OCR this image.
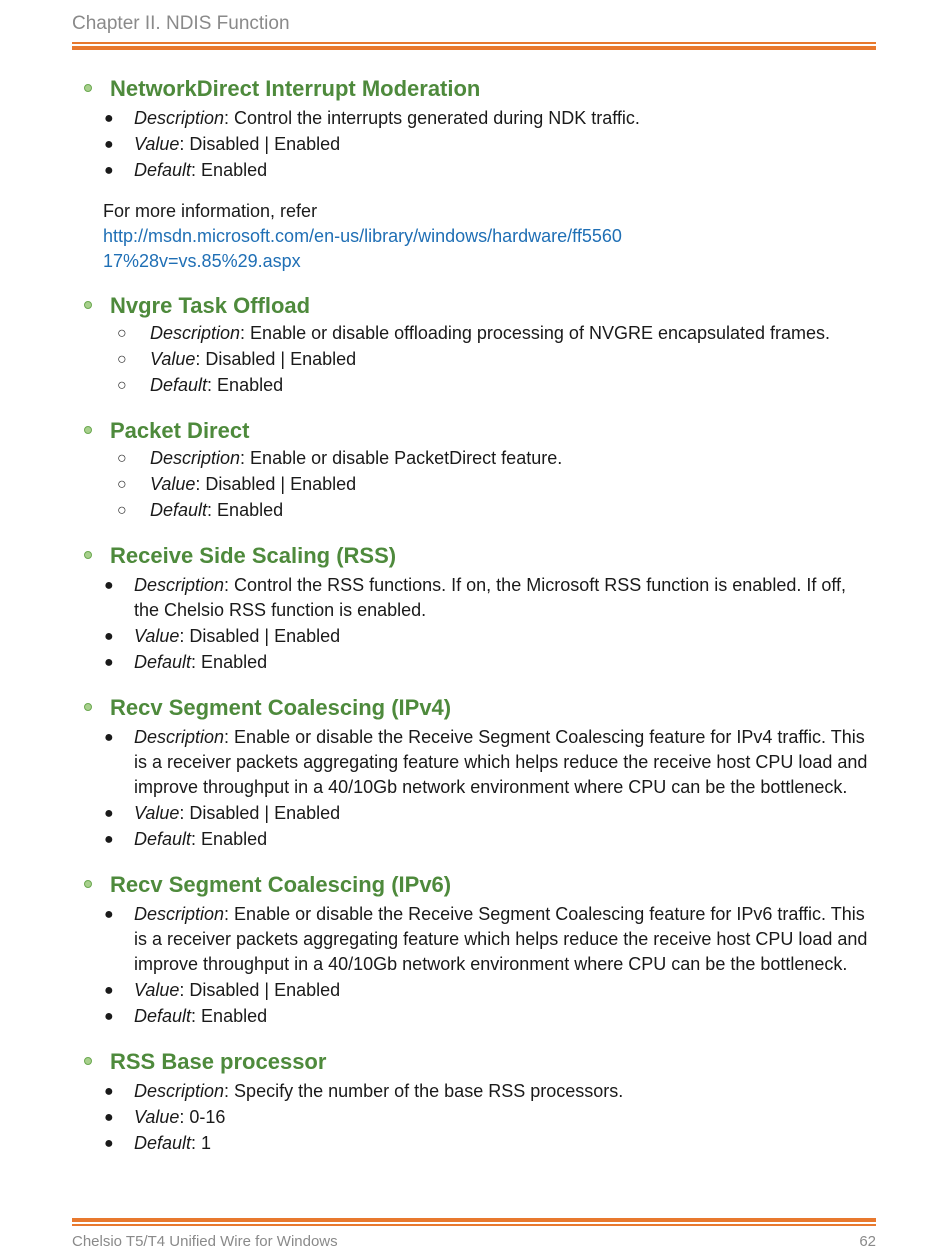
Chapter II. NDIS Function
NetworkDirect Interrupt Moderation
● Description: Control the interrupts generated during NDK traffic.
● Value: Disabled | Enabled
● Default: Enabled
For more information, refer
http://msdn.microsoft.com/en-us/library/windows/hardware/ff556017%28v=vs.85%29.aspx
Nvgre Task Offload
○ Description: Enable or disable offloading processing of NVGRE encapsulated frames.
○ Value: Disabled | Enabled
○ Default: Enabled
Packet Direct
○ Description: Enable or disable PacketDirect feature.
○ Value: Disabled | Enabled
○ Default: Enabled
Receive Side Scaling (RSS)
● Description: Control the RSS functions. If on, the Microsoft RSS function is enabled. If off, the Chelsio RSS function is enabled.
● Value: Disabled | Enabled
● Default: Enabled
Recv Segment Coalescing (IPv4)
● Description: Enable or disable the Receive Segment Coalescing feature for IPv4 traffic. This is a receiver packets aggregating feature which helps reduce the receive host CPU load and improve throughput in a 40/10Gb network environment where CPU can be the bottleneck.
● Value: Disabled | Enabled
● Default: Enabled
Recv Segment Coalescing (IPv6)
● Description: Enable or disable the Receive Segment Coalescing feature for IPv6 traffic. This is a receiver packets aggregating feature which helps reduce the receive host CPU load and improve throughput in a 40/10Gb network environment where CPU can be the bottleneck.
● Value: Disabled | Enabled
● Default: Enabled
RSS Base processor
● Description: Specify the number of the base RSS processors.
● Value: 0-16
● Default: 1
Chelsio T5/T4 Unified Wire for Windows	62
